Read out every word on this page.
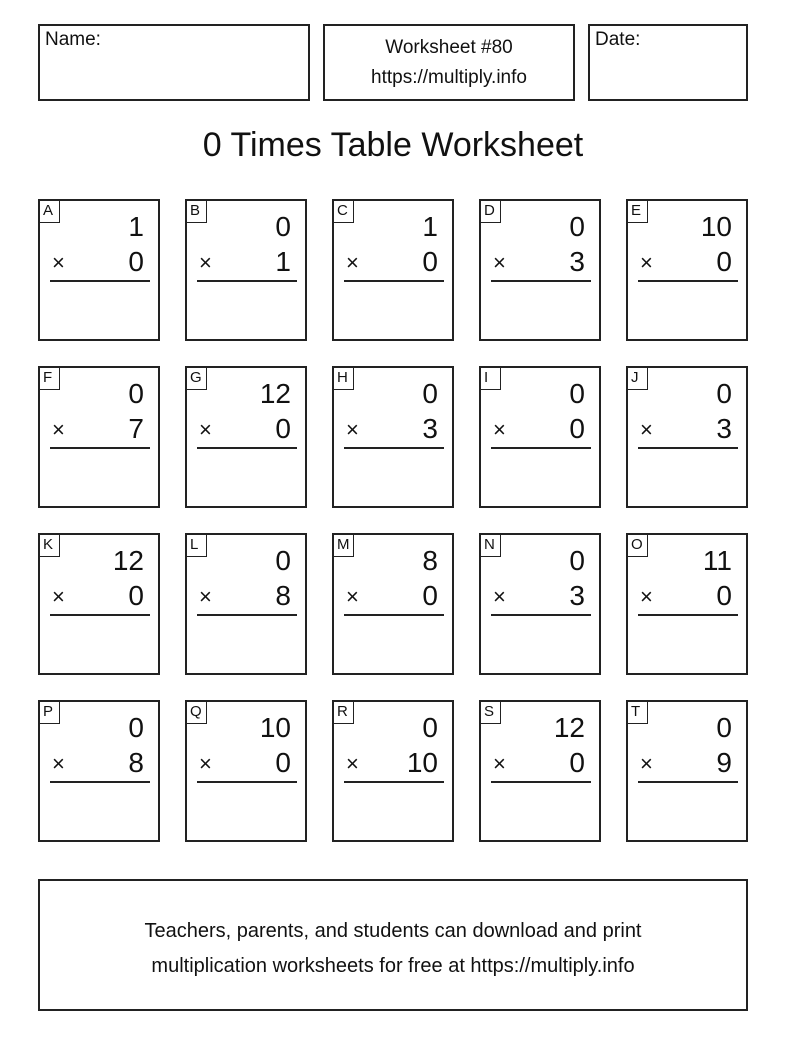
Name:	Worksheet #80
https://multiply.info
Date:
0 Times Table Worksheet
A
1
× 0
B
0
× 1
C
1
× 0
D
0
× 3
E
10
× 0
F
0
× 7
G
12
× 0
H
0
× 3
I
0
× 0
J
0
× 3
K
12
× 0
L
0
× 8
M
8
× 0
N
0
× 3
O
11
× 0
P
0
× 8
Q
10
× 0
R
0
× 10
S
12
× 0
T
0
× 9
Teachers, parents, and students can download and print
multiplication worksheets for free at https://multiply.info
